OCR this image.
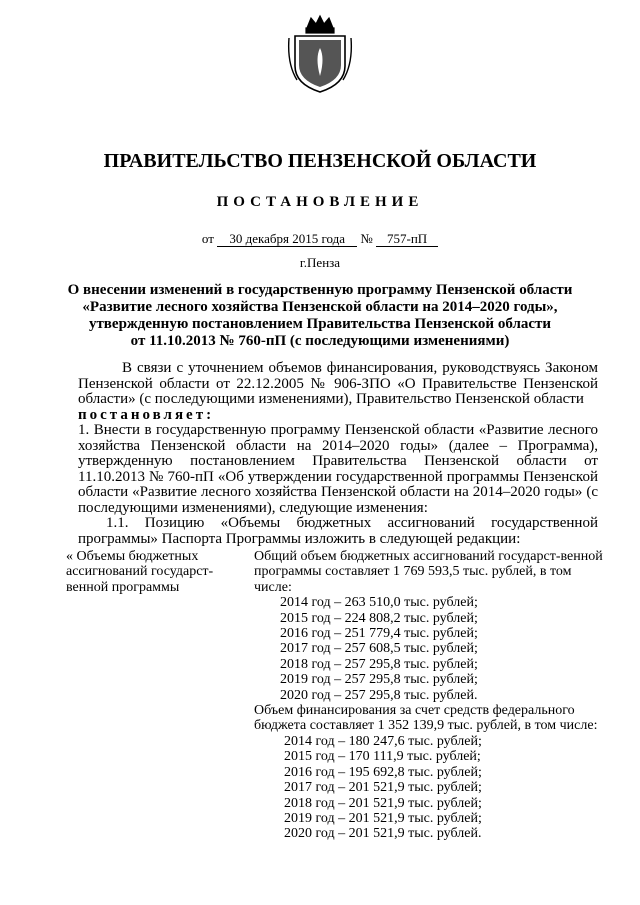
ПРАВИТЕЛЬСТВО ПЕНЗЕНСКОЙ ОБЛАСТИ
ПОСТАНОВЛЕНИЕ
от 30 декабря 2015 года № 757-пП
г.Пенза
О внесении изменений в государственную программу Пензенской области
«Развитие лесного хозяйства Пензенской области на 2014–2020 годы»,
утвержденную постановлением Правительства Пензенской области
от 11.10.2013 № 760-пП (с последующими изменениями)

В связи с уточнением объемов финансирования, руководствуясь Законом Пензенской области от 22.12.2005 № 906-ЗПО «О Правительстве Пензенской области» (с последующими изменениями), Правительство Пензенской области

постановляет:

1. Внести в государственную программу Пензенской области «Развитие лесного хозяйства Пензенской области на 2014–2020 годы» (далее – Программа), утвержденную постановлением Правительства Пензенской области от 11.10.2013 № 760-пП «Об утверждении государственной программы Пензенской области «Развитие лесного хозяйства Пензенской области на 2014–2020 годы» (с последующими изменениями), следующие изменения:
1.1. Позицию «Объемы бюджетных ассигнований государственной программы» Паспорта Программы изложить в следующей редакции:
« Объемы бюджетных ассигнований государст-венной программы
Общий объем бюджетных ассигнований государст-венной программы составляет 1 769 593,5 тыс. рублей, в том числе:
2014 год – 263 510,0 тыс. рублей;
2015 год – 224 808,2 тыс. рублей;
2016 год – 251 779,4 тыс. рублей;
2017 год – 257 608,5 тыс. рублей;
2018 год – 257 295,8 тыс. рублей;
2019 год – 257 295,8 тыс. рублей;
2020 год – 257 295,8 тыс. рублей.
Объем финансирования за счет средств федерального бюджета составляет 1 352 139,9 тыс. рублей, в том числе:
2014 год – 180 247,6 тыс. рублей;
2015 год – 170 111,9 тыс. рублей;
2016 год – 195 692,8 тыс. рублей;
2017 год – 201 521,9 тыс. рублей;
2018 год – 201 521,9 тыс. рублей;
2019 год – 201 521,9 тыс. рублей;
2020 год – 201 521,9 тыс. рублей.
